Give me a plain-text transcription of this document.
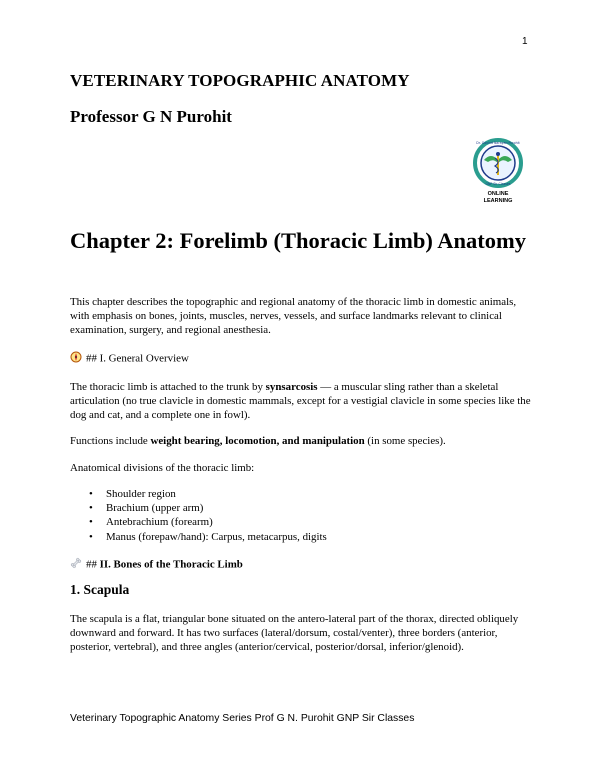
1
VETERINARY TOPOGRAPHIC ANATOMY
Professor G N Purohit
Dr. Govind Narayan Purohit
GNP Sir Classes
ONLINE
LEARNING
Chapter 2: Forelimb (Thoracic Limb) Anatomy

This chapter describes the topographic and regional anatomy of the thoracic limb in domestic animals, with emphasis on bones, joints, muscles, nerves, vessels, and surface landmarks relevant to clinical examination, surgery, and regional anesthesia.

## I. General Overview

The thoracic limb is attached to the trunk by synsarcosis — a muscular sling rather than a skeletal articulation (no true clavicle in domestic mammals, except for a vestigial clavicle in some species like the dog and cat, and a complete one in fowl).

Functions include weight bearing, locomotion, and manipulation (in some species).

Anatomical divisions of the thoracic limb:

• Shoulder region
• Brachium (upper arm)
• Antebrachium (forearm)
• Manus (forepaw/hand): Carpus, metacarpus, digits

## II. Bones of the Thoracic Limb

1. Scapula

The scapula is a flat, triangular bone situated on the antero-lateral part of the thorax, directed obliquely downward and forward. It has two surfaces (lateral/dorsum, costal/venter), three borders (anterior, posterior, vertebral), and three angles (anterior/cervical, posterior/dorsal, inferior/glenoid).

Veterinary Topographic Anatomy Series Prof G N. Purohit GNP Sir Classes
